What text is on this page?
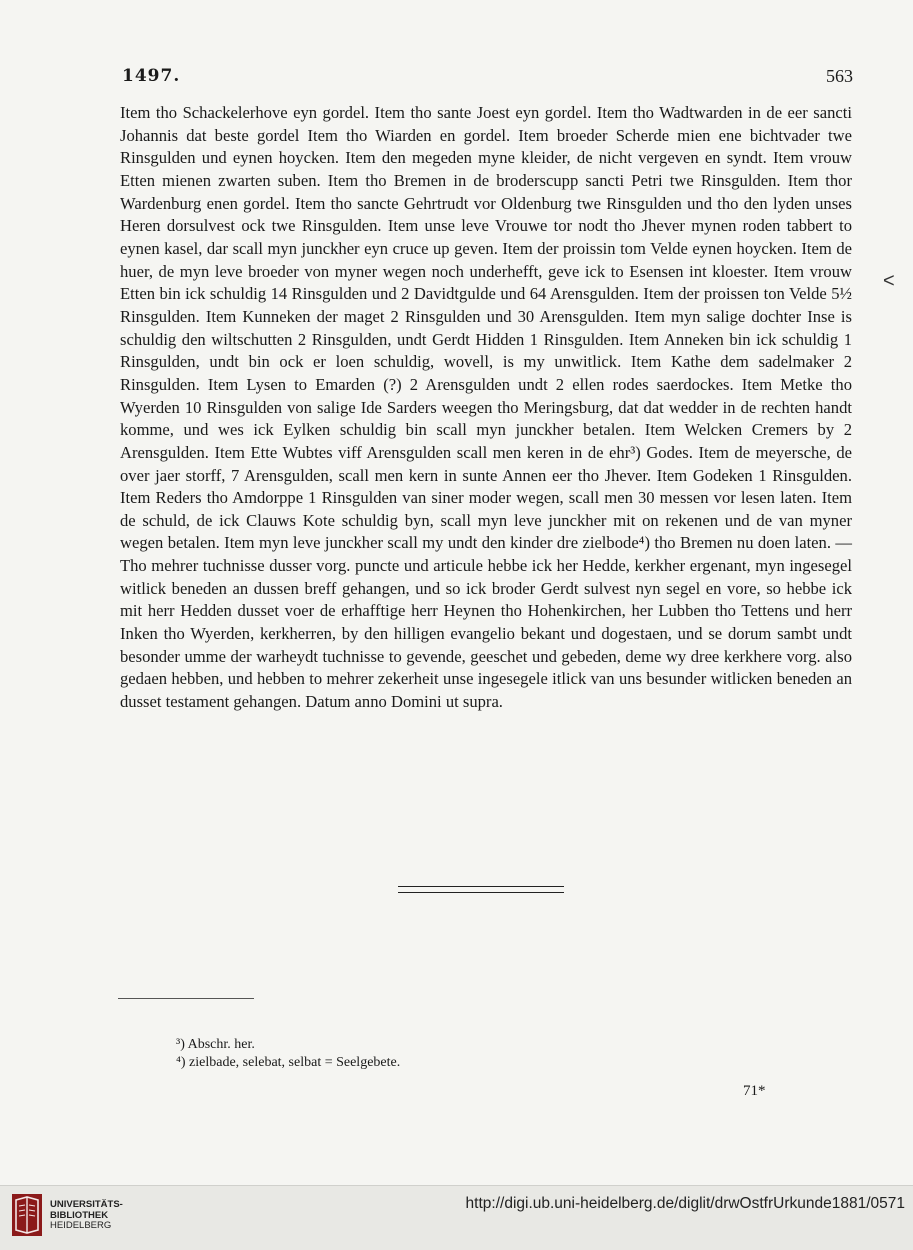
1497.	563

Item tho Schackelerhove eyn gordel. Item tho sante Joest eyn gordel. Item tho Wadtwarden in de eer sancti Johannis dat beste gordel Item tho Wiarden en gordel. Item broeder Scherde mien ene bichtvader twe Rinsgulden und eynen hoycken. Item den megeden myne kleider, de nicht vergeven en syndt. Item vrouw Etten mienen zwarten suben. Item tho Bremen in de broderscupp sancti Petri twe Rinsgulden. Item thor Wardenburg enen gordel. Item tho sancte Gehrtrudt vor Oldenburg twe Rinsgulden und tho den lyden unses Heren dorsulvest ock twe Rinsgulden. Item unse leve Vrouwe tor nodt tho Jhever mynen roden tabbert to eynen kasel, dar scall myn junckher eyn cruce up geven. Item der proissin tom Velde eynen hoycken. Item de huer, de myn leve broeder von myner wegen noch underhefft, geve ick to Esensen int kloester. Item vrouw Etten bin ick schuldig 14 Rinsgulden und 2 Davidtgulde und 64 Arensgulden. Item der proissen ton Velde 5½ Rinsgulden. Item Kunneken der maget 2 Rinsgulden und 30 Arensgulden. Item myn salige dochter Inse is schuldig den wiltschutten 2 Rinsgulden, undt Gerdt Hidden 1 Rinsgulden. Item Anneken bin ick schuldig 1 Rinsgulden, undt bin ock er loen schuldig, wovell, is my unwitlick. Item Kathe dem sadelmaker 2 Rinsgulden. Item Lysen to Emarden (?) 2 Arensgulden undt 2 ellen rodes saerdockes. Item Metke tho Wyerden 10 Rinsgulden von salige Ide Sarders weegen tho Meringsburg, dat dat wedder in de rechten handt komme, und wes ick Eylken schuldig bin scall myn junckher betalen. Item Welcken Cremers by 2 Arensgulden. Item Ette Wubtes viff Arensgulden scall men keren in de ehr³) Godes. Item de meyersche, de over jaer storff, 7 Arensgulden, scall men kern in sunte Annen eer tho Jhever. Item Godeken 1 Rinsgulden. Item Reders tho Amdorppe 1 Rinsgulden van siner moder wegen, scall men 30 messen vor lesen laten. Item de schuld, de ick Clauws Kote schuldig byn, scall myn leve junckher mit on rekenen und de van myner wegen betalen. Item myn leve junckher scall my undt den kinder dre zielbode⁴) tho Bremen nu doen laten. — Tho mehrer tuchnisse dusser vorg. puncte und articule hebbe ick her Hedde, kerkher ergenant, myn ingesegel witlick beneden an dussen breff gehangen, und so ick broder Gerdt sulvest nyn segel en vore, so hebbe ick mit herr Hedden dusset voer de erhafftige herr Heynen tho Hohenkirchen, her Lubben tho Tettens und herr Inken tho Wyerden, kerkherren, by den hilligen evangelio bekant und dogestaen, und se dorum sambt undt besonder umme der warheydt tuchnisse to gevende, geeschet und gebeden, deme wy dree kerkhere vorg. also gedaen hebben, und hebben to mehrer zekerheit unse ingesegele itlick van uns besunder witlicken beneden an dusset testament gehangen. Datum anno Domini ut supra.

<
³) Abschr. her.
⁴) zielbade, selebat, selbat = Seelgebete.
71*
UNIVERSITÄTS-
BIBLIOTHEK
HEIDELBERG
http://digi.ub.uni-heidelberg.de/diglit/drwOstfrUrkunde1881/0571
